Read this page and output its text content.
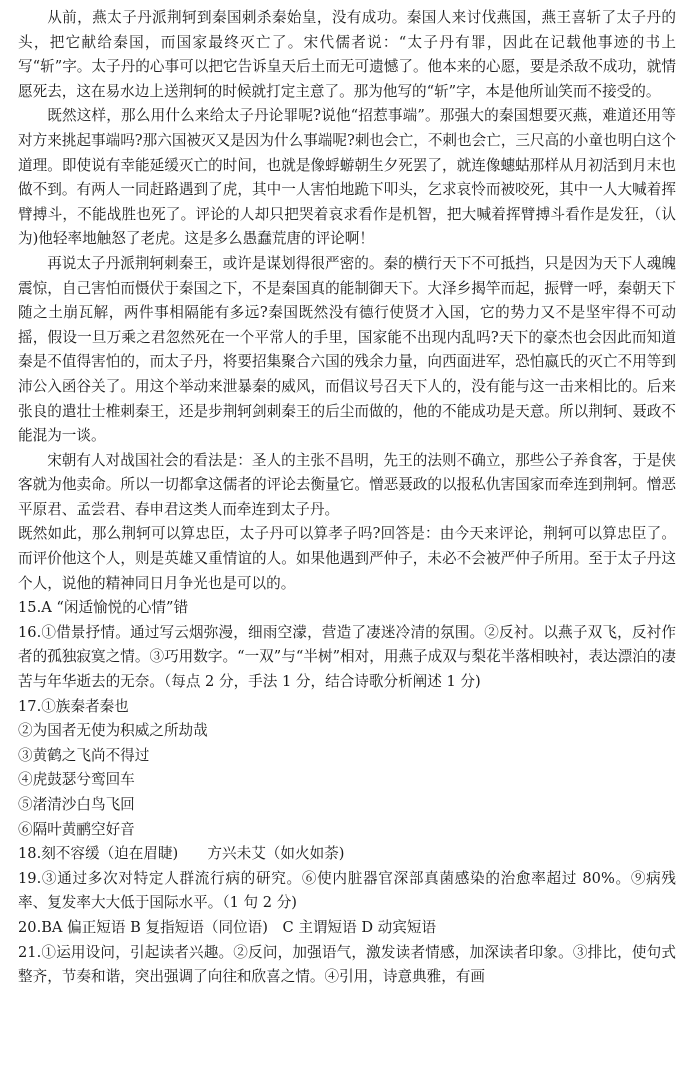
从前，燕太子丹派荆轲到秦国刺杀秦始皇，没有成功。秦国人来讨伐燕国，燕王喜斩了太子丹的头，把它献给秦国，而国家最终灭亡了。宋代儒者说：“太子丹有罪，因此在记载他事迹的书上写“斩”字。太子丹的心事可以把它告诉皇天后土而无可遗憾了。他本来的心愿，要是杀敌不成功，就情愿死去，这在易水边上送荆轲的时候就打定主意了。那为他写的“斩”字，本是他所讪笑而不接受的。

既然这样，那么用什么来给太子丹论罪呢?说他“招惹事端”。那强大的秦国想要灭燕，难道还用等对方来挑起事端吗?那六国被灭又是因为什么事端呢?刺也会亡，不刺也会亡，三尺高的小童也明白这个道理。即使说有幸能延缓灭亡的时间，也就是像蜉蝣朝生夕死罢了，就连像蟪蛄那样从月初活到月末也做不到。有两人一同赶路遇到了虎，其中一人害怕地跪下叩头，乞求哀怜而被咬死，其中一人大喊着挥臂搏斗，不能战胜也死了。评论的人却只把哭着哀求看作是机智，把大喊着挥臂搏斗看作是发狂，（认为)他轻率地触怒了老虎。这是多么愚蠢荒唐的评论啊！

再说太子丹派荆轲刺秦王，或许是谋划得很严密的。秦的横行天下不可抵挡，只是因为天下人魂魄震惊，自己害怕而慑伏于秦国之下，不是秦国真的能制御天下。大泽乡揭竿而起，振臂一呼，秦朝天下随之土崩瓦解，两件事相隔能有多远?秦国既然没有德行使贤才入国，它的势力又不是坚牢得不可动摇，假设一旦万乘之君忽然死在一个平常人的手里，国家能不出现内乱吗?天下的豪杰也会因此而知道秦是不值得害怕的，而太子丹，将要招集聚合六国的残余力量，向西面进军，恐怕嬴氏的灭亡不用等到沛公入函谷关了。用这个举动来泄暴秦的威风，而倡议号召天下人的，没有能与这一击来相比的。后来张良的遣壮士椎刺秦王，还是步荆轲剑刺秦王的后尘而做的，他的不能成功是天意。所以荆轲、聂政不能混为一谈。

宋朝有人对战国社会的看法是：圣人的主张不昌明，先王的法则不确立，那些公子养食客，于是侠客就为他卖命。所以一切都拿这儒者的评论去衡量它。憎恶聂政的以报私仇害国家而牵连到荆轲。憎恶平原君、孟尝君、春申君这类人而牵连到太子丹。

既然如此，那么荆轲可以算忠臣，太子丹可以算孝子吗?回答是：由今天来评论，荆轲可以算忠臣了。而评价他这个人，则是英雄又重情谊的人。如果他遇到严仲子，未必不会被严仲子所用。至于太子丹这个人，说他的精神同日月争光也是可以的。

15.A “闲适愉悦的心情”错

16.①借景抒情。通过写云烟弥漫，细雨空濛，营造了凄迷冷清的氛围。②反衬。以燕子双飞，反衬作者的孤独寂寞之情。③巧用数字。“一双”与“半树”相对，用燕子成双与梨花半落相映衬，表达漂泊的凄苦与年华逝去的无奈。（每点 2 分，手法 1 分，结合诗歌分析阐述 1 分)

17.①族秦者秦也

②为国者无使为积威之所劫哉

③黄鹤之飞尚不得过

④虎鼓瑟兮鸾回车

⑤渚清沙白鸟飞回

⑥隔叶黄鹂空好音

18.刻不容缓（迫在眉睫)　　方兴未艾（如火如荼)

19.③通过多次对特定人群流行病的研究。⑥使内脏器官深部真菌感染的治愈率超过 80%。⑨病残率、复发率大大低于国际水平。（1 句 2 分)

20.BA 偏正短语 B 复指短语（同位语)　C 主谓短语 D 动宾短语

21.①运用设问，引起读者兴趣。②反问，加强语气，激发读者情感，加深读者印象。③排比，使句式整齐，节奏和谐，突出强调了向往和欣喜之情。④引用，诗意典雅，有画
